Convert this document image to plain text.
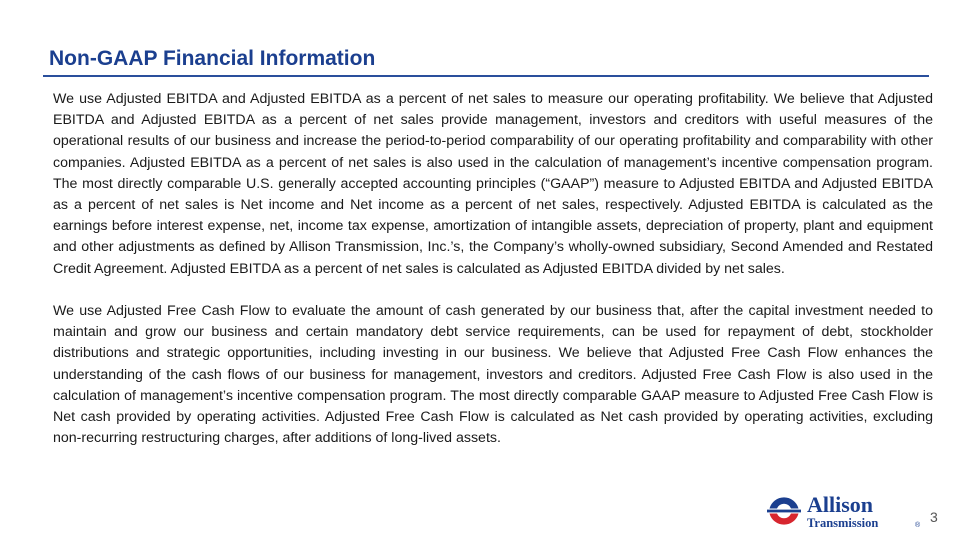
Non-GAAP Financial Information

We use Adjusted EBITDA and Adjusted EBITDA as a percent of net sales to measure our operating profitability. We believe that Adjusted EBITDA and Adjusted EBITDA as a percent of net sales provide management, investors and creditors with useful measures of the operational results of our business and increase the period-to-period comparability of our operating profitability and comparability with other companies. Adjusted EBITDA as a percent of net sales is also used in the calculation of management’s incentive compensation program. The most directly comparable U.S. generally accepted accounting principles (“GAAP”) measure to Adjusted EBITDA and Adjusted EBITDA as a percent of net sales is Net income and Net income as a percent of net sales, respectively. Adjusted EBITDA is calculated as the earnings before interest expense, net, income tax expense, amortization of intangible assets, depreciation of property, plant and equipment and other adjustments as defined by Allison Transmission, Inc.’s, the Company’s wholly-owned subsidiary, Second Amended and Restated Credit Agreement. Adjusted EBITDA as a percent of net sales is calculated as Adjusted EBITDA divided by net sales.

We use Adjusted Free Cash Flow to evaluate the amount of cash generated by our business that, after the capital investment needed to maintain and grow our business and certain mandatory debt service requirements, can be used for repayment of debt, stockholder distributions and strategic opportunities, including investing in our business. We believe that Adjusted Free Cash Flow enhances the understanding of the cash flows of our business for management, investors and creditors. Adjusted Free Cash Flow is also used in the calculation of management’s incentive compensation program. The most directly comparable GAAP measure to Adjusted Free Cash Flow is Net cash provided by operating activities. Adjusted Free Cash Flow is calculated as Net cash provided by operating activities, excluding non-recurring restructuring charges, after additions of long-lived assets.

Allison
Transmission	®
3
